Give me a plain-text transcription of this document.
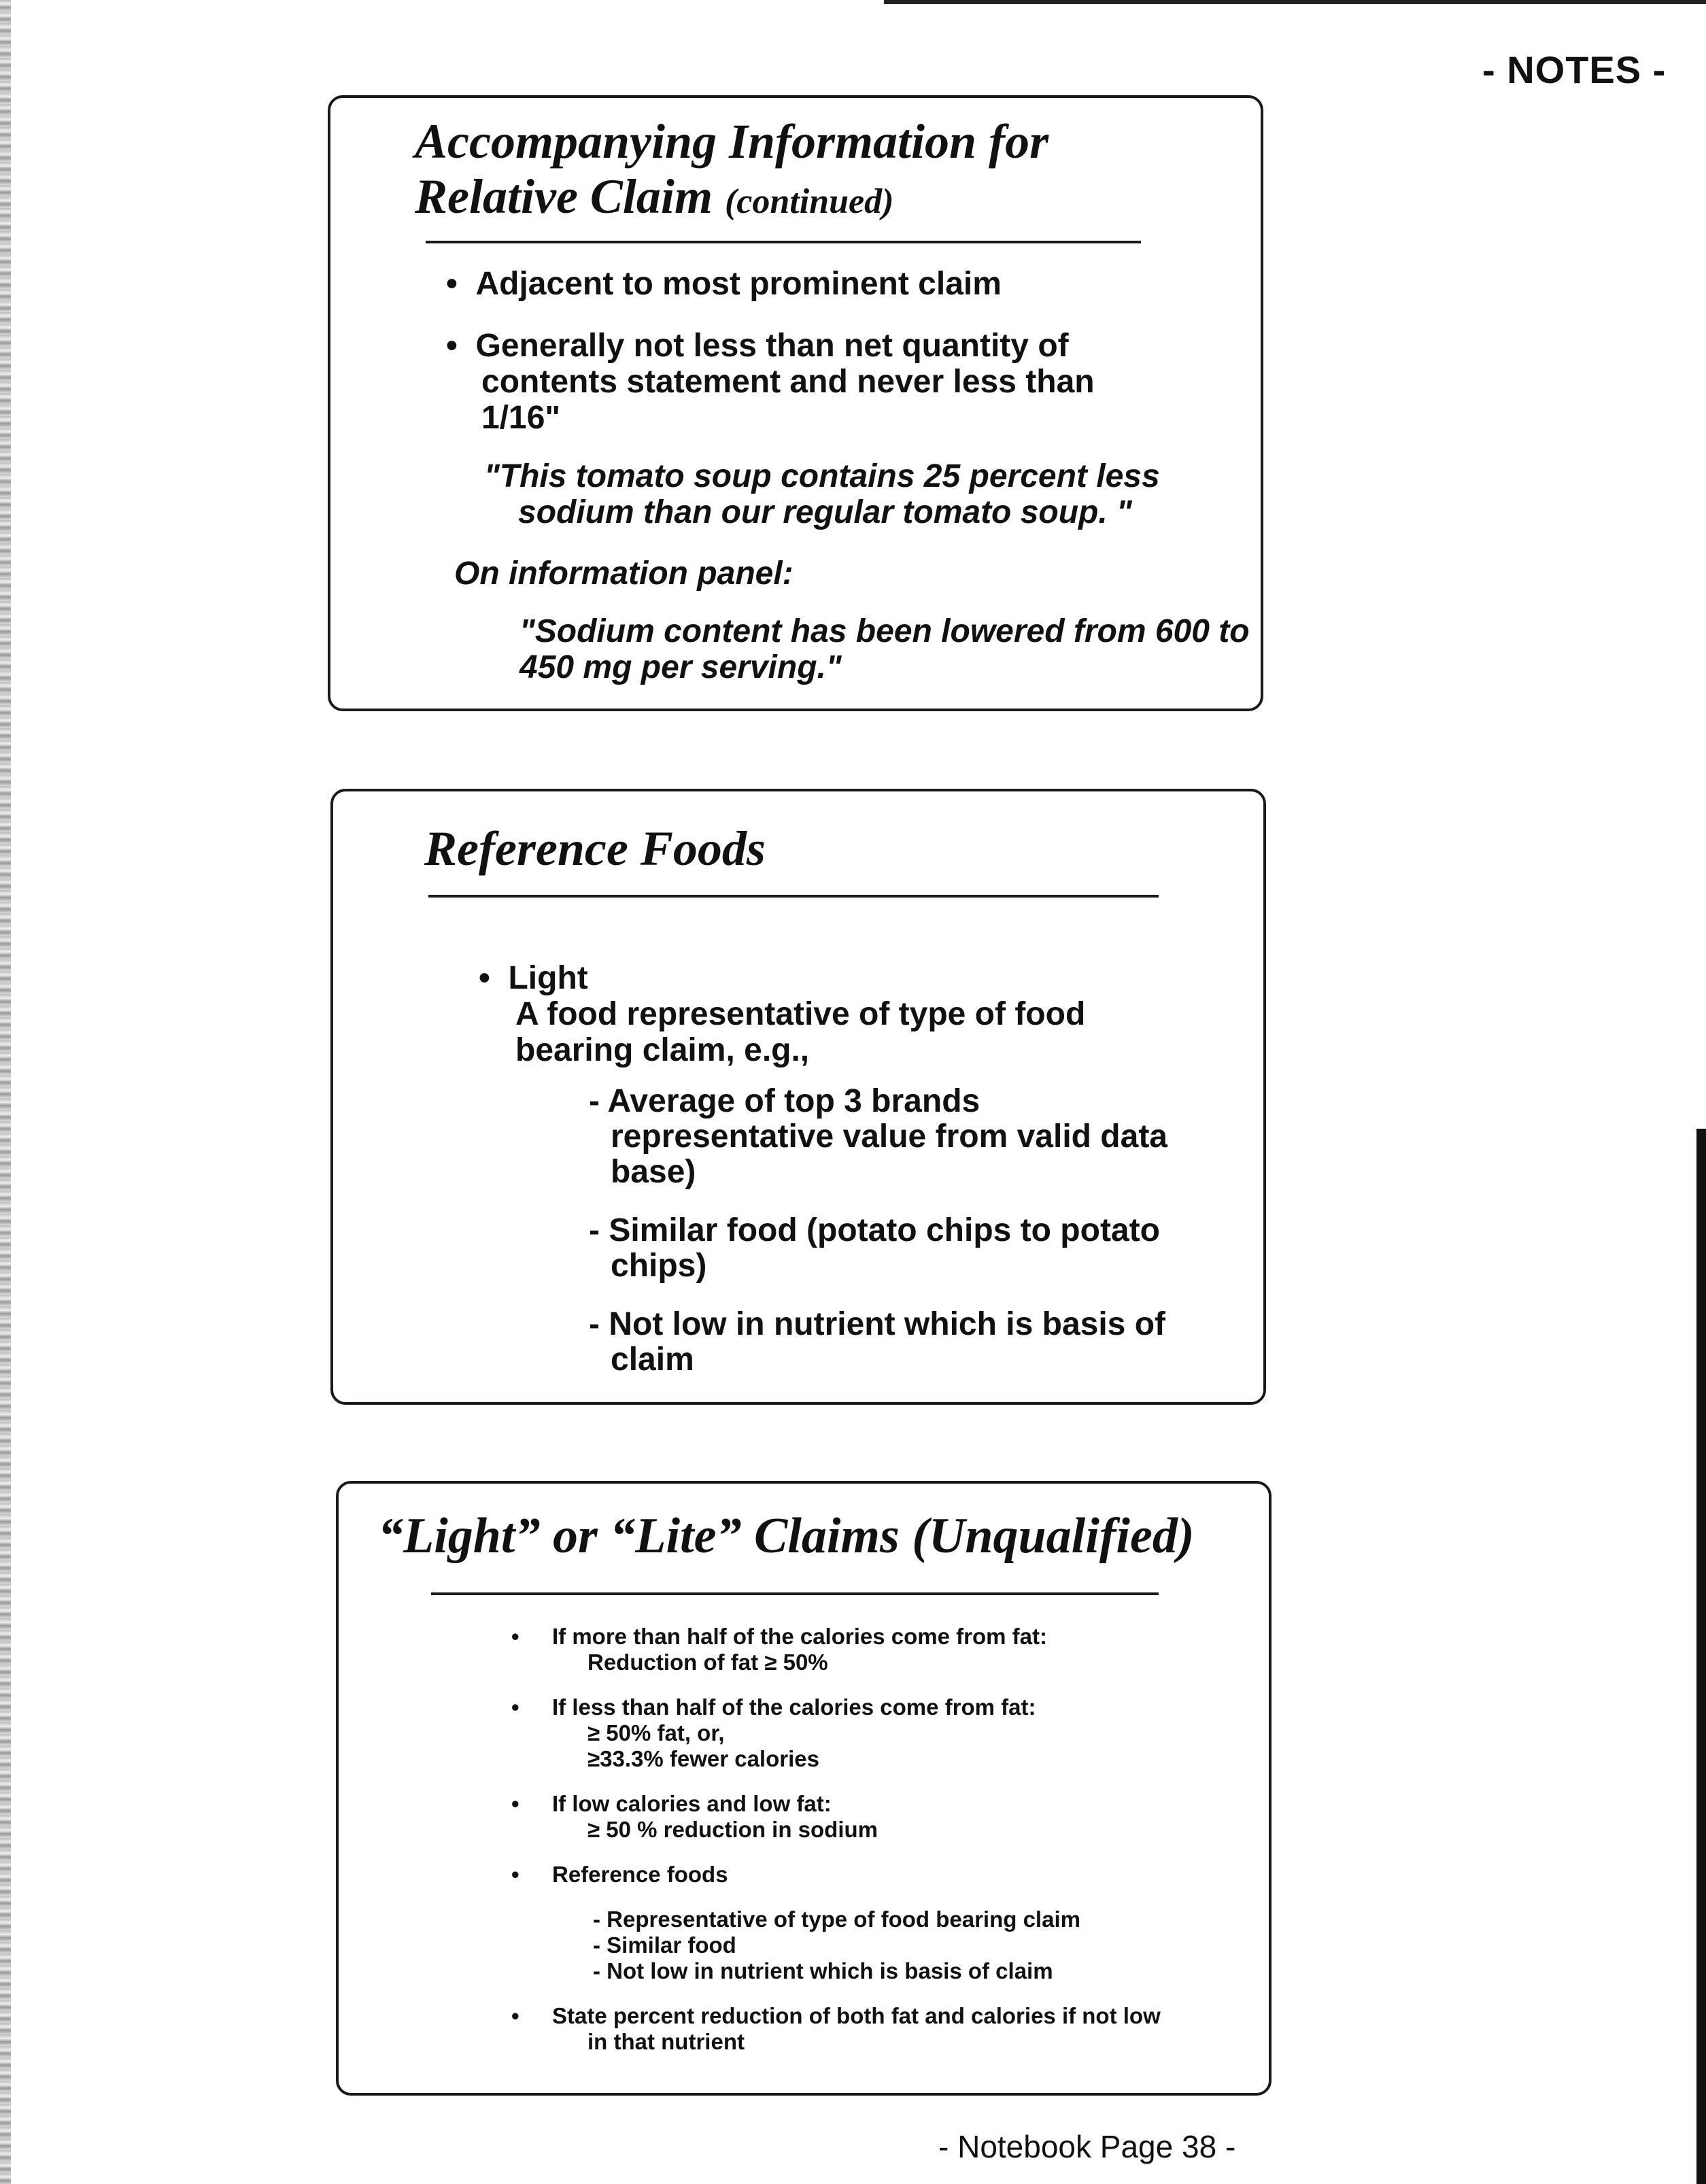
- NOTES -
Accompanying Information for
Relative Claim (continued)
•  Adjacent to most prominent claim
•  Generally not less than net quantity of
contents statement and never less than
1/16"
"This tomato soup contains 25 percent less
sodium than our regular tomato soup. "
On information panel:
"Sodium content has been lowered from 600 to
450 mg per serving."
Reference Foods
•  Light
A food representative of type of food
bearing claim, e.g.,
- Average of top 3 brands
representative value from valid data
base)
- Similar food (potato chips to potato
chips)
- Not low in nutrient which is basis of
claim
“Light” or “Lite” Claims (Unqualified)
• If more than half of the calories come from fat:
Reduction of fat ≥ 50%
• If less than half of the calories come from fat:
≥ 50% fat, or,
≥33.3% fewer calories
• If low calories and low fat:
≥ 50 % reduction in sodium
• Reference foods
- Representative of type of food bearing claim
- Similar food
- Not low in nutrient which is basis of claim
• State percent reduction of both fat and calories if not low
in that nutrient
- Notebook Page 38 -
